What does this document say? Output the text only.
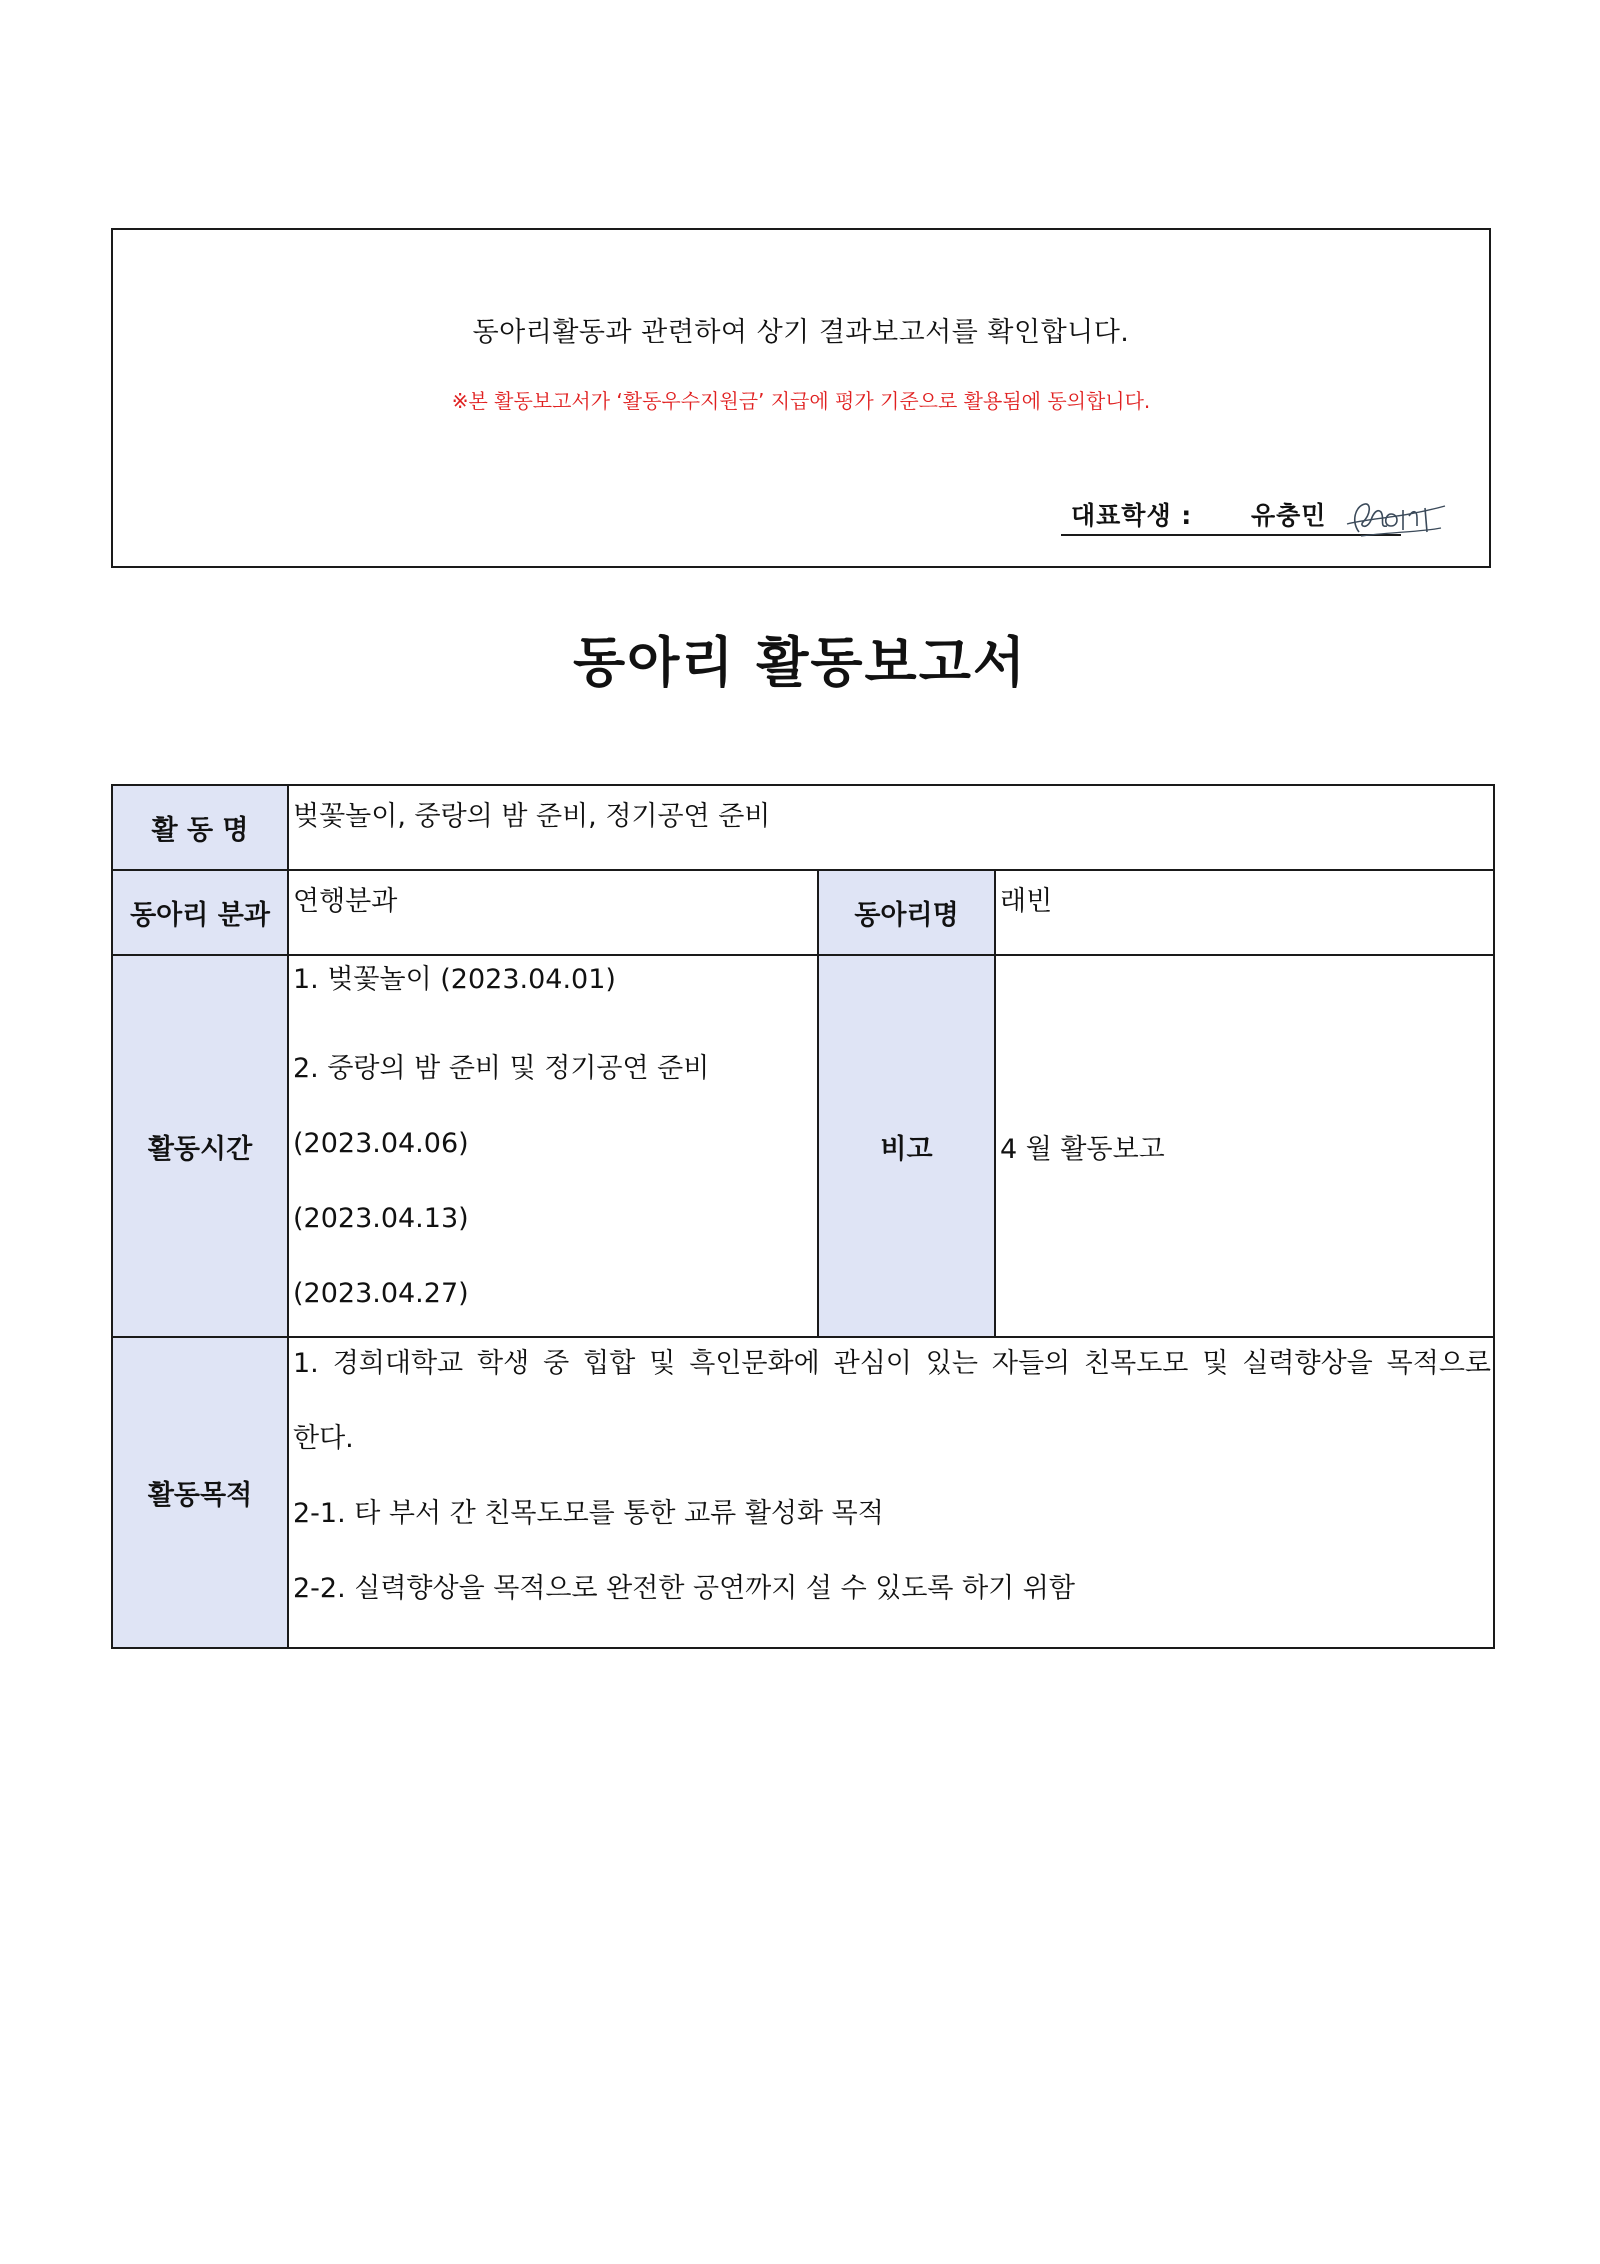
동아리활동과 관련하여 상기 결과보고서를 확인합니다.
※본 활동보고서가 ‘활동우수지원금’ 지급에 평가 기준으로 활용됨에 동의합니다.
대표학생 : 유충민
동아리 활동보고서
활 동 명	벚꽃놀이, 중랑의 밤 준비, 정기공연 준비		
동아리 분과	연행분과	동아리명	래빈
활동시간	1. 벚꽃놀이 (2023.04.01)
2. 중랑의 밤 준비 및 정기공연 준비
(2023.04.06)
(2023.04.13)
(2023.04.27)	비고	4 월 활동보고
활동목적	1. 경희대학교 학생 중 힙합 및 흑인문화에 관심이 있는 자들의 친목도모 및 실력향상을 목적으로
한다.
2-1. 타 부서 간 친목도모를 통한 교류 활성화 목적
2-2. 실력향상을 목적으로 완전한 공연까지 설 수 있도록 하기 위함		
